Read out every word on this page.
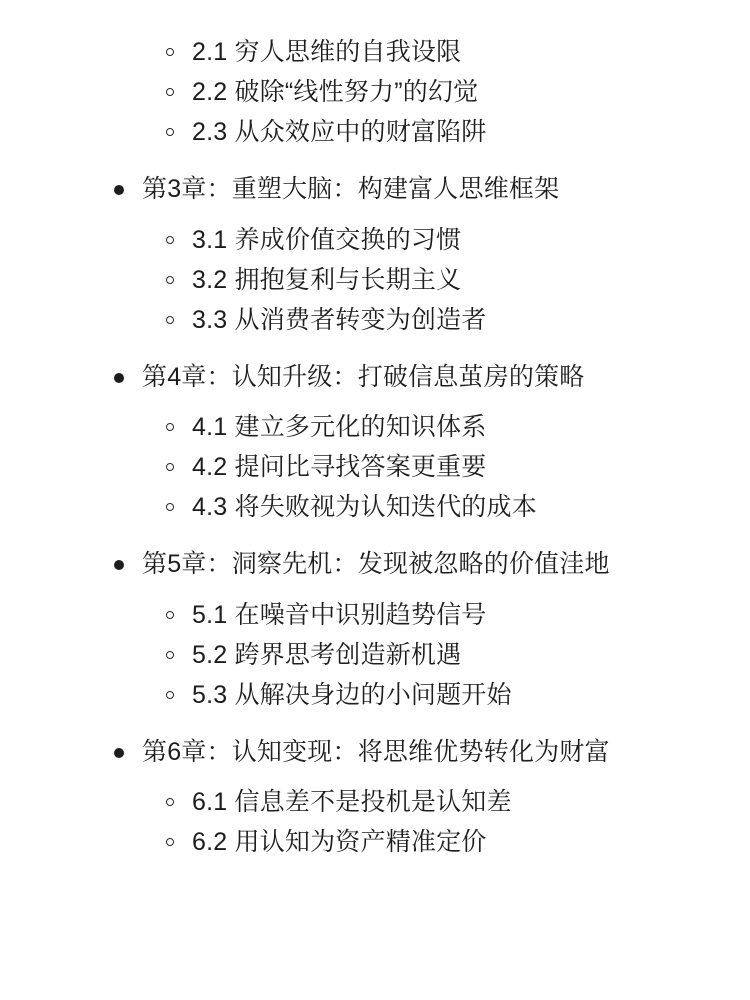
2.1 穷人思维的自我设限
2.2 破除“线性努力”的幻觉
2.3 从众效应中的财富陷阱
第3章：重塑大脑：构建富人思维框架
3.1 养成价值交换的习惯
3.2 拥抱复利与长期主义
3.3 从消费者转变为创造者
第4章：认知升级：打破信息茧房的策略
4.1 建立多元化的知识体系
4.2 提问比寻找答案更重要
4.3 将失败视为认知迭代的成本
第5章：洞察先机：发现被忽略的价值洼地
5.1 在噪音中识别趋势信号
5.2 跨界思考创造新机遇
5.3 从解决身边的小问题开始
第6章：认知变现：将思维优势转化为财富
6.1 信息差不是投机是认知差
6.2 用认知为资产精准定价
